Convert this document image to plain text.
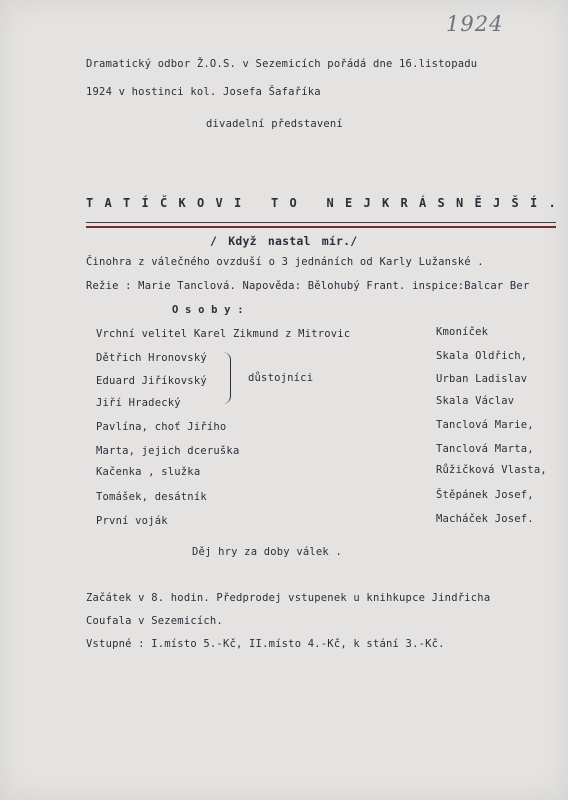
1924
Dramatický odbor Ž.O.S. v Sezemicích pořádá dne 16.listopadu
1924 v hostinci kol. Josefa Šafaříka
divadelní představení
T A T Í Č K O V I
T O
N E J K R Á S N Ě J Š Í .
/ Když nastal mír./
Činohra z válečného ovzduší o 3 jednáních od Karly Lužanské .
Režie : Marie Tanclová. Napověda: Bělohubý Frant. inspice:Balcar Ber
O s o b y :
Vrchní velitel Karel Zikmund z Mitrovic	Kmoníček
Dětřich Hronovský	Skala Oldřich,
Eduard Jiříkovský	Urban Ladislav
Jiří Hradecký	Skala Václav
Pavlína, choť Jiřího	Tanclová Marie,
Marta, jejich dceruška	Tanclová Marta,
Kačenka , služka	Růžičková Vlasta,
Tomášek, desátník	Štěpánek Josef,
První voják	Macháček Josef.
důstojníci
Děj hry za doby válek .
Začátek v 8. hodin. Předprodej vstupenek u knihkupce Jindřicha
Coufala v Sezemicích.
Vstupné : I.místo 5.-Kč, II.místo 4.-Kč, k stání 3.-Kč.
